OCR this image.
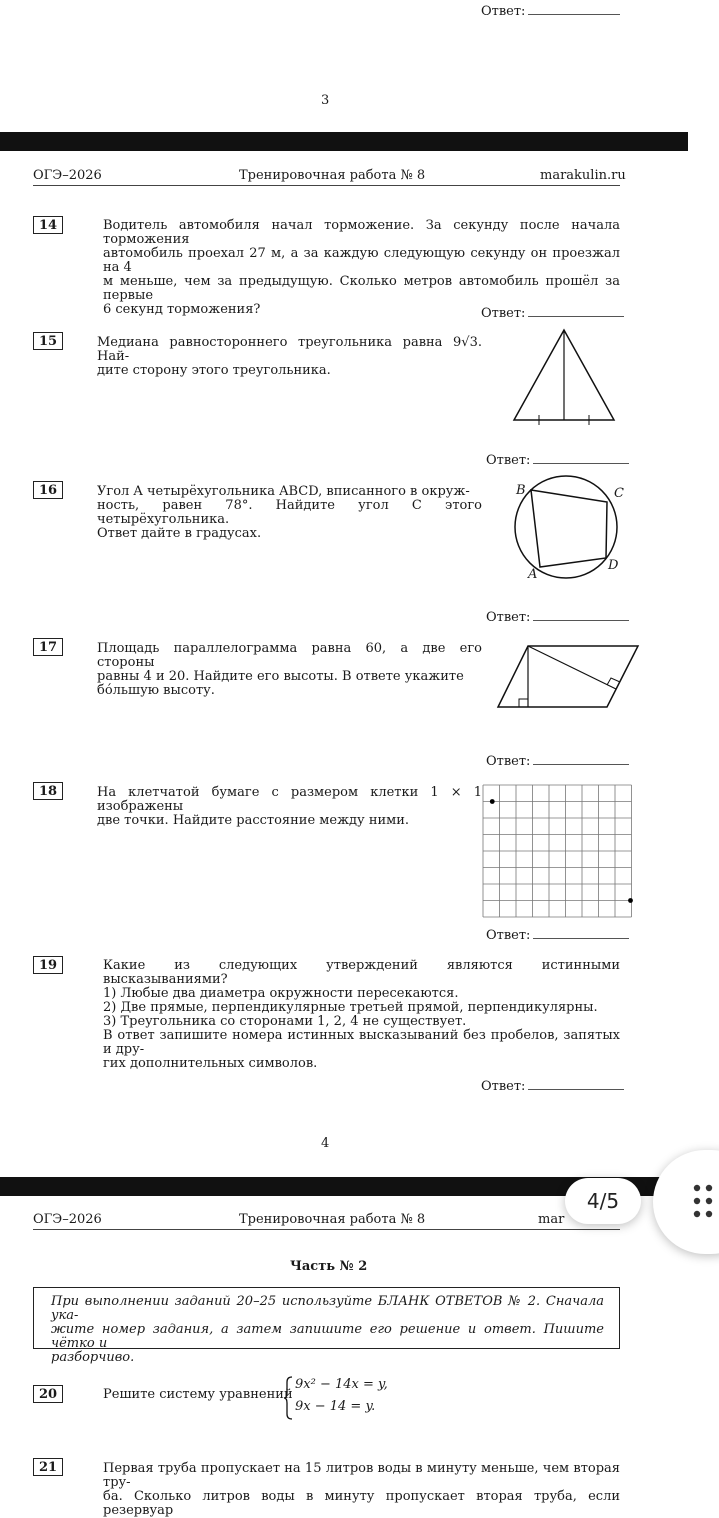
Ответ:
3
ОГЭ–2026	Тренировочная работа № 8	marakulin.ru
14	Водитель автомобиля начал торможение. За секунду после начала торможения
автомобиль проехал 27 м, а за каждую следующую секунду он проезжал на 4
м меньше, чем за предыдущую. Сколько метров автомобиль прошёл за первые
6 секунд торможения?	Ответ:
15	Медиана равностороннего треугольника равна 9√3. Най-
дите сторону этого треугольника.
Ответ:
16	Угол A четырёхугольника ABCD, вписанного в окруж-
ность, равен 78°. Найдите угол C этого четырёхугольника.
Ответ дайте в градусах.
B	C
D
A
Ответ:
17	Площадь параллелограмма равна 60, а две его стороны
равны 4 и 20. Найдите его высоты. В ответе укажите
бóльшую высоту.
Ответ:
18	На клетчатой бумаге с размером клетки 1 × 1 изображены
две точки. Найдите расстояние между ними.
Ответ:
19	Какие из следующих утверждений являются истинными высказываниями?
1) Любые два диаметра окружности пересекаются.
2) Две прямые, перпендикулярные третьей прямой, перпендикулярны.
3) Треугольника со сторонами 1, 2, 4 не существует.
В ответ запишите номера истинных высказываний без пробелов, запятых и дру-
гих дополнительных символов.
Ответ:
4
ОГЭ–2026	Тренировочная работа № 8	mar
Часть № 2
При выполнении заданий 20–25 используйте БЛАНК ОТВЕТОВ № 2. Сначала ука-
жите номер задания, а затем запишите его решение и ответ. Пишите чётко и
разборчиво.
20	Решите систему уравнений
9x² − 14x = y,
9x − 14 = y.
21	Первая труба пропускает на 15 литров воды в минуту меньше, чем вторая тру-
ба. Сколько литров воды в минуту пропускает вторая труба, если резервуар
4/5
